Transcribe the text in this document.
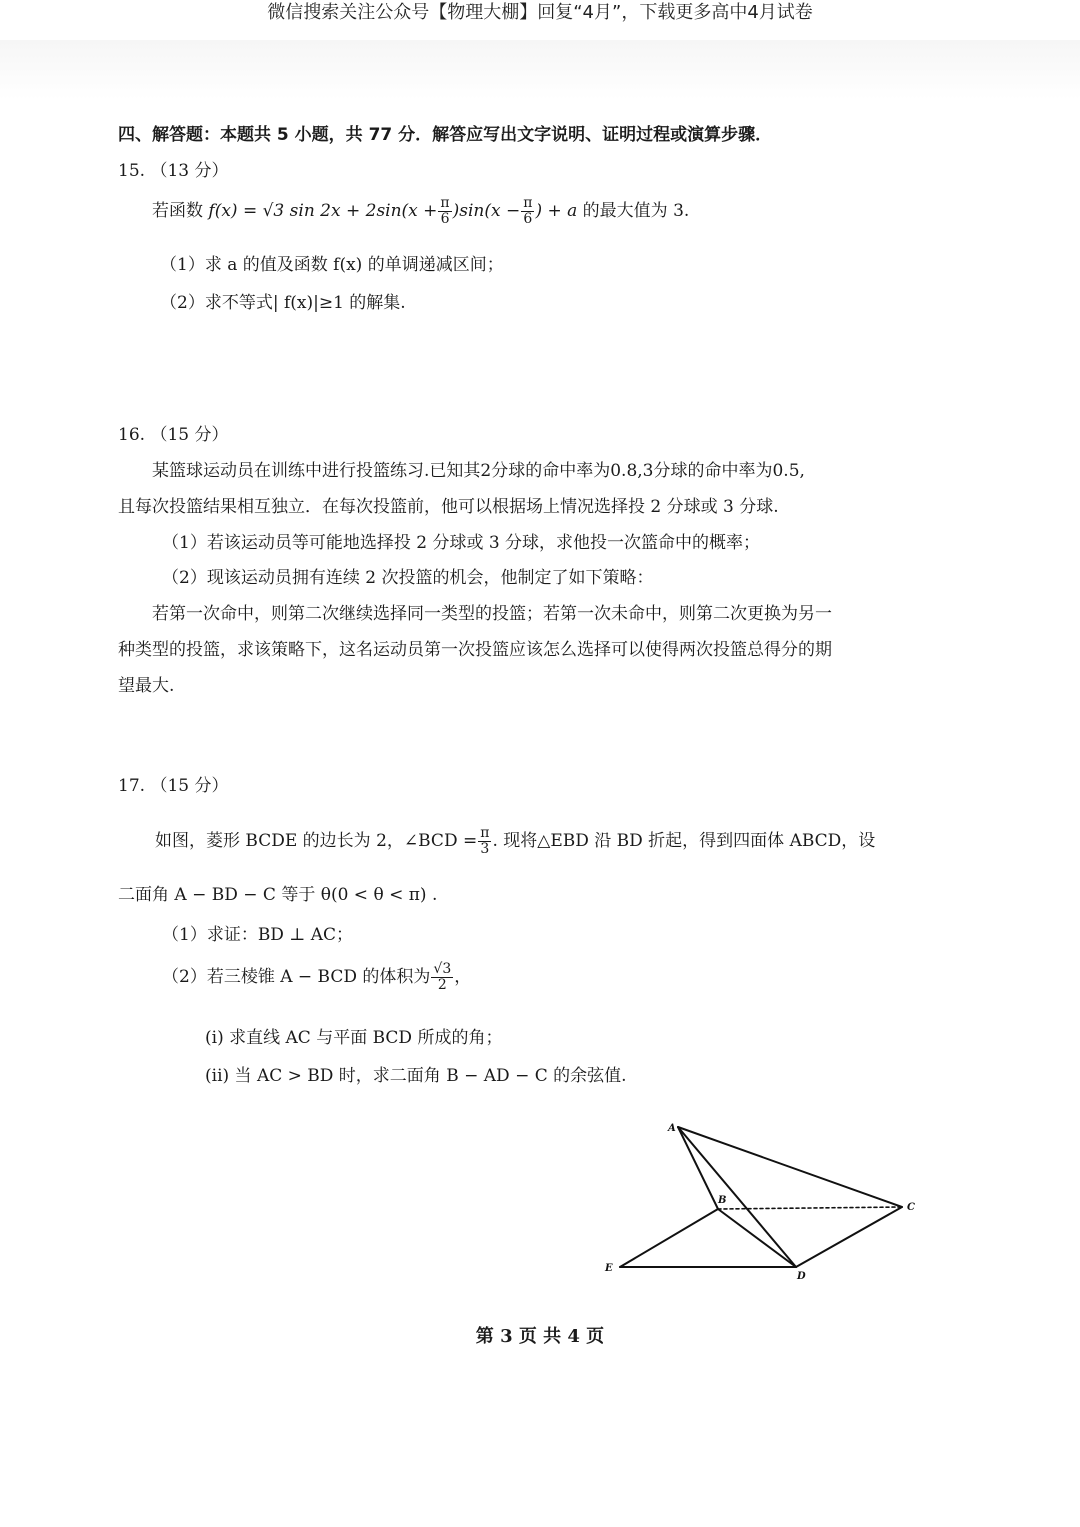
微信搜索关注公众号【物理大棚】回复“4月”，下载更多高中4月试卷
四、解答题：本题共 5 小题，共 77 分．解答应写出文字说明、证明过程或演算步骤．
15. （13 分）
若函数 f(x) = √3 $\sin 2x + 2\sin(x + \frac{\pi}{6} )\sin(x - \frac{\pi}{6}$ ) + a 的最大值为 3.
（1）求 a 的值及函数 f(x) 的单调递减区间；
（2）求不等式| f(x)|≥1 的解集.
16. （15 分）
某篮球运动员在训练中进行投篮练习.已知其2分球的命中率为0.8,3分球的命中率为0.5,
且每次投篮结果相互独立．在每次投篮前，他可以根据场上情况选择投 2 分球或 3 分球.
（1）若该运动员等可能地选择投 2 分球或 3 分球，求他投一次篮命中的概率；
（2）现该运动员拥有连续 2 次投篮的机会，他制定了如下策略：
若第一次命中，则第二次继续选择同一类型的投篮；若第一次未命中，则第二次更换为另一
种类型的投篮，求该策略下，这名运动员第一次投篮应该怎么选择可以使得两次投篮总得分的期
望最大.
17. （15 分）
如图，菱形 BCDE 的边长为 2，∠BCD = $\frac{\pi}{3}$ . 现将△EBD 沿 BD 折起，得到四面体 ABCD，设
二面角 A − BD − C 等于 θ(0 < θ < π) .
（1）求证：BD ⊥ AC；
（2）若三棱锥 A − BCD 的体积为 $\frac{√3}{2}$ ，
(i) 求直线 AC 与平面 BCD 所成的角；
(ii) 当 AC > BD 时，求二面角 B − AD − C 的余弦值.
A
B
C
D
E
第 3 页 共 4 页
